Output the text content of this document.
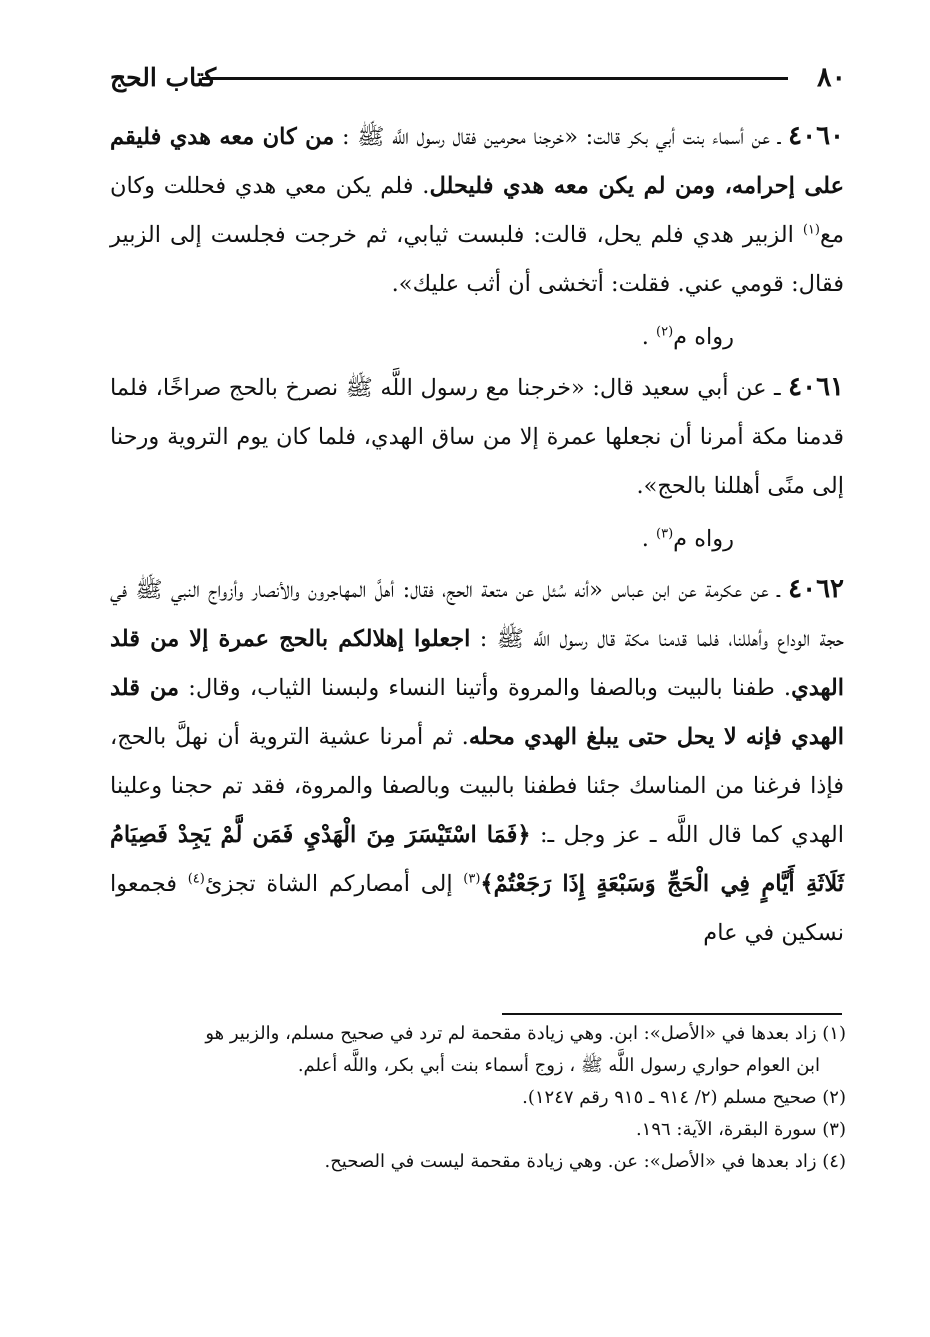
٨٠
كتاب الحج

٤٠٦٠ ـ عن أسماء بنت أبي بكر قالت: «خرجنا محرمين فقال رسول اللَّه ﷺ : من كان معه هدي فليقم على إحرامه، ومن لم يكن معه هدي فليحلل. فلم يكن معي هدي فحللت وكان مع$^{(١)}$ الزبير هدي فلم يحل، قالت: فلبست ثيابي، ثم خرجت فجلست إلى الزبير فقال: قومي عني. فقلت: أتخشى أن أثب عليك».

رواه م$^{(٢)}$ .

٤٠٦١ ـ عن أبي سعيد قال: «خرجنا مع رسول اللَّه ﷺ نصرخ بالحج صراخًا، فلما قدمنا مكة أمرنا أن نجعلها عمرة إلا من ساق الهدي، فلما كان يوم التروية ورحنا إلى منًى أهللنا بالحج».

رواه م$^{(٣)}$ .

٤٠٦٢ ـ عن عكرمة عن ابن عباس «أنه سُئل عن متعة الحج، فقال: أهلَّ المهاجرون والأنصار وأزواج النبي ﷺ في حجة الوداع وأهللنا، فلما قدمنا مكة قال رسول اللَّه ﷺ : اجعلوا إهلالكم بالحج عمرة إلا من قلد الهدي. طفنا بالبيت وبالصفا والمروة وأتينا النساء ولبسنا الثياب، وقال: من قلد الهدي فإنه لا يحل حتى يبلغ الهدي محله. ثم أمرنا عشية التروية أن نهلَّ بالحج، فإذا فرغنا من المناسك جئنا فطفنا بالبيت وبالصفا والمروة، فقد تم حجنا وعلينا الهدي كما قال اللَّه ـ عز وجل ـ: ﴿فَمَا اسْتَيْسَرَ مِنَ الْهَدْيِ فَمَن لَّمْ يَجِدْ فَصِيَامُ ثَلَاثَةِ أَيَّامٍ فِي الْحَجِّ وَسَبْعَةٍ إِذَا رَجَعْتُمْ﴾$^{(٣)}$ إلى أمصاركم الشاة تجزئ$^{(٤)}$ فجمعوا نسكين في عام

(١) زاد بعدها في «الأصل»: ابن. وهي زيادة مقحمة لم ترد في صحيح مسلم، والزبير هو

ابن العوام حواري رسول اللَّه ﷺ ، زوج أسماء بنت أبي بكر، واللَّه أعلم.

(٢) صحيح مسلم (٢/ ٩١٤ ـ ٩١٥ رقم ١٢٤٧).

(٣) سورة البقرة، الآية: ١٩٦.

(٤) زاد بعدها في «الأصل»: عن. وهي زيادة مقحمة ليست في الصحيح.
